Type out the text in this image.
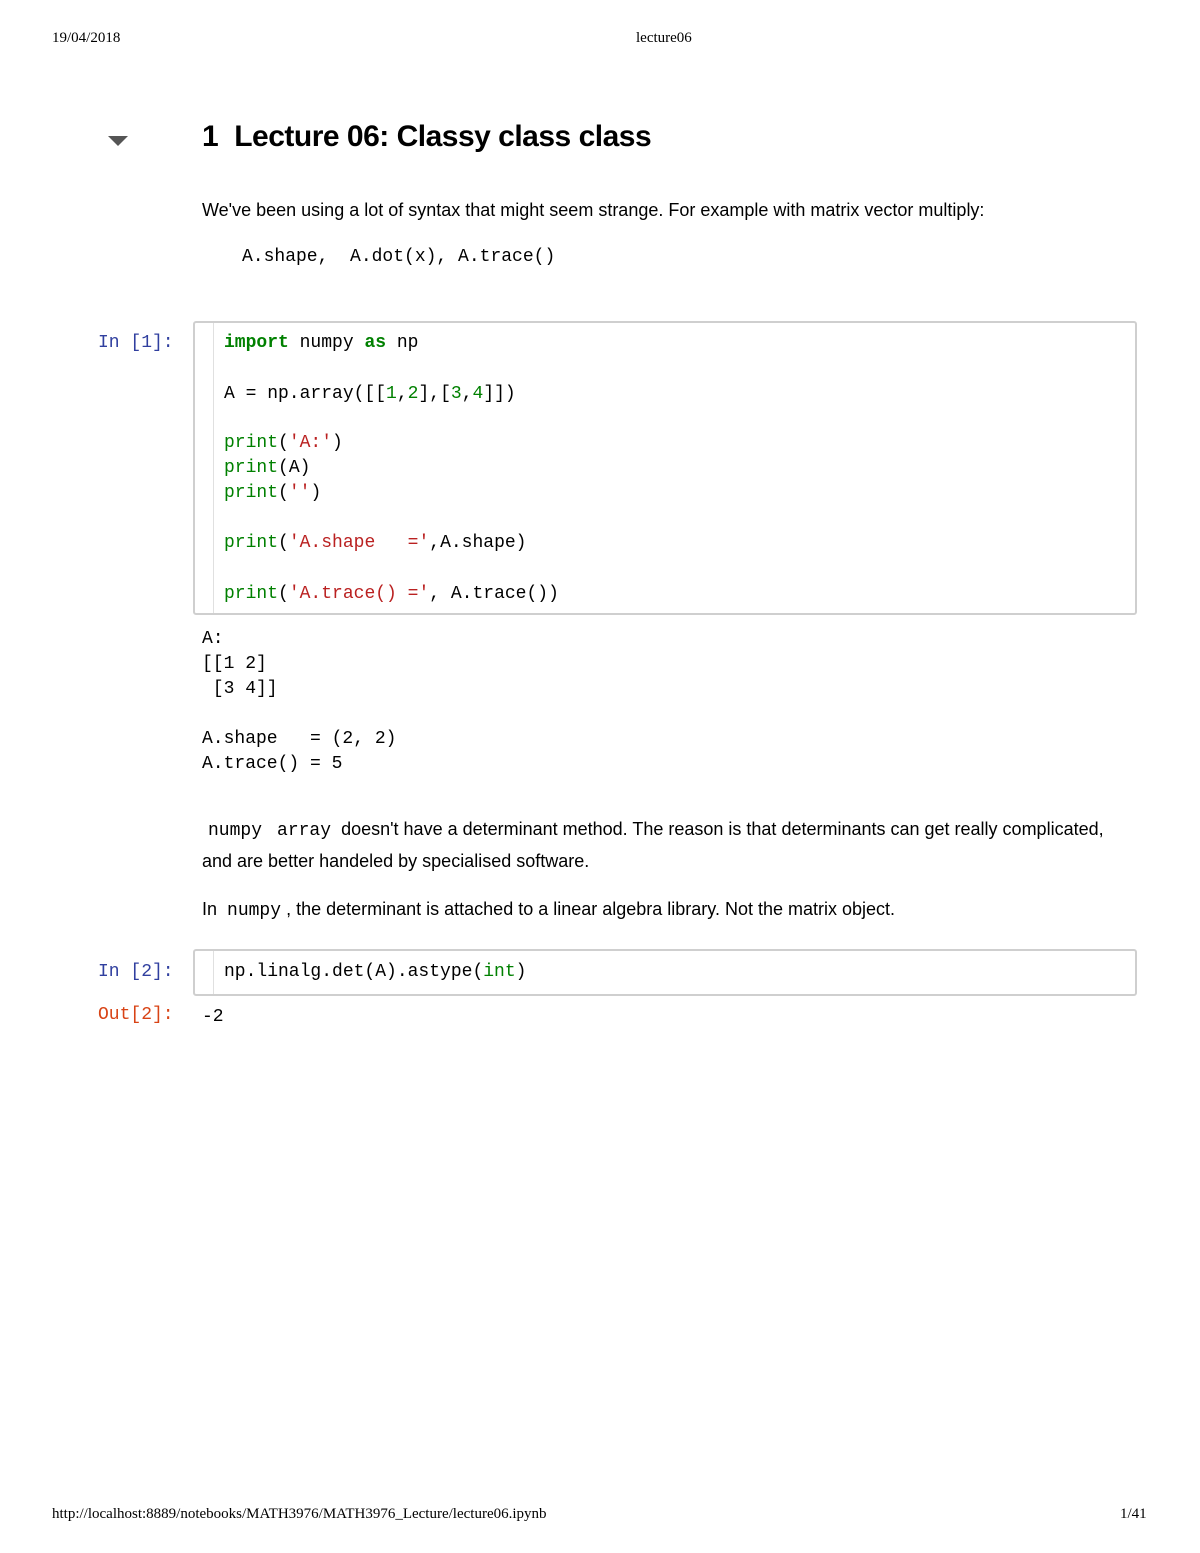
19/04/2018	lecture06
http://localhost:8889/notebooks/MATH3976/MATH3976_Lecture/lecture06.ipynb	1/41
1 Lecture 06: Classy class class
We've been using a lot of syntax that might seem strange. For example with matrix vector multiply:
A.shape,  A.dot(x), A.trace()
In [1]:	import numpy as np
A = np.array([[1,2],[3,4]])
print('A:')
print(A)
print('')
print('A.shape   =',A.shape)
print('A.trace() =', A.trace())
A:
[[1 2]
[3 4]]

A.shape   = (2, 2)
A.trace() = 5
numpy array doesn't have a determinant method. The reason is that determinants can get really complicated, and are better handeled by specialised software.
In numpy , the determinant is attached to a linear algebra library. Not the matrix object.
In [2]:	np.linalg.det(A).astype(int)
Out[2]: -2
